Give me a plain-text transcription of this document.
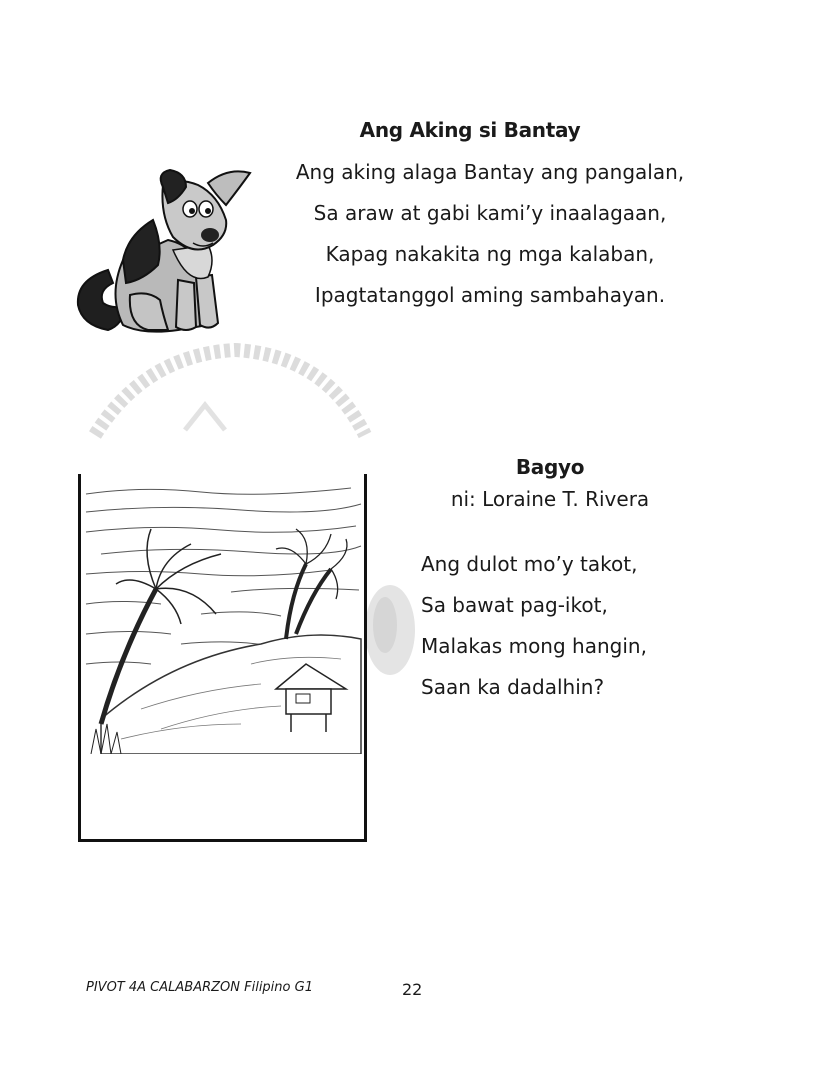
Ang Aking si Bantay
Ang aking alaga Bantay ang pangalan,
Sa araw at gabi kami’y inaalagaan,
Kapag nakakita ng mga kalaban,
Ipagtatanggol aming sambahayan.
Bagyo
ni: Loraine T. Rivera
Ang dulot mo’y takot,
Sa bawat pag-ikot,
Malakas mong hangin,
Saan ka dadalhin?
PIVOT 4A CALABARZON Filipino G1	22
